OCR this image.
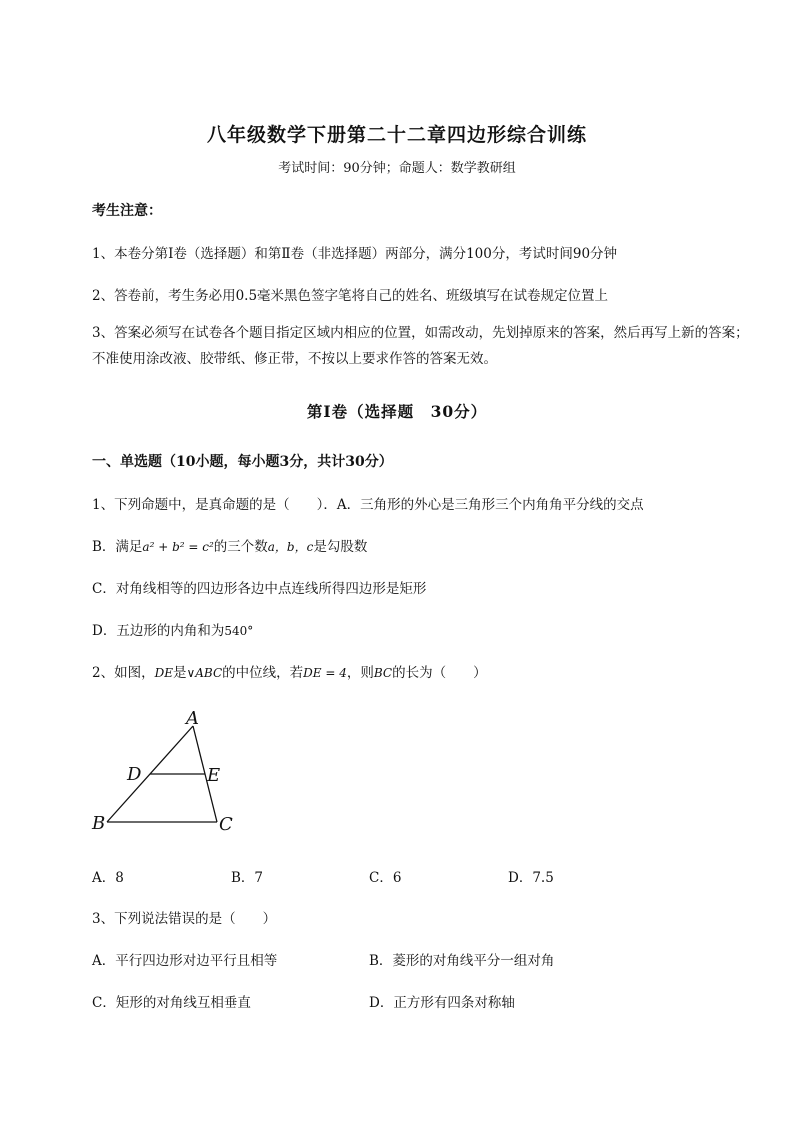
八年级数学下册第二十二章四边形综合训练
考试时间：90分钟；命题人：数学教研组
考生注意：
1、本卷分第Ⅰ卷（选择题）和第Ⅱ卷（非选择题）两部分，满分100分，考试时间90分钟
2、答卷前，考生务必用0.5毫米黑色签字笔将自己的姓名、班级填写在试卷规定位置上
3、答案必须写在试卷各个题目指定区域内相应的位置，如需改动，先划掉原来的答案，然后再写上新的答案；不准使用涂改液、胶带纸、修正带，不按以上要求作答的答案无效。
第Ⅰ卷（选择题　30分）
一、单选题（10小题，每小题3分，共计30分）
1、下列命题中，是真命题的是（　　）．A．三角形的外心是三角形三个内角角平分线的交点
B．满足a² + b² = c²的三个数a，b，c是勾股数
C．对角线相等的四边形各边中点连线所得四边形是矩形
D．五边形的内角和为540°
2、如图，DE是∨ABC的中位线，若DE = 4，则BC的长为（　　）
A
D	E
B	C
A．8	B．7	C．6	D．7.5
3、下列说法错误的是（　　）
A．平行四边形对边平行且相等	B．菱形的对角线平分一组对角
C．矩形的对角线互相垂直	D．正方形有四条对称轴
